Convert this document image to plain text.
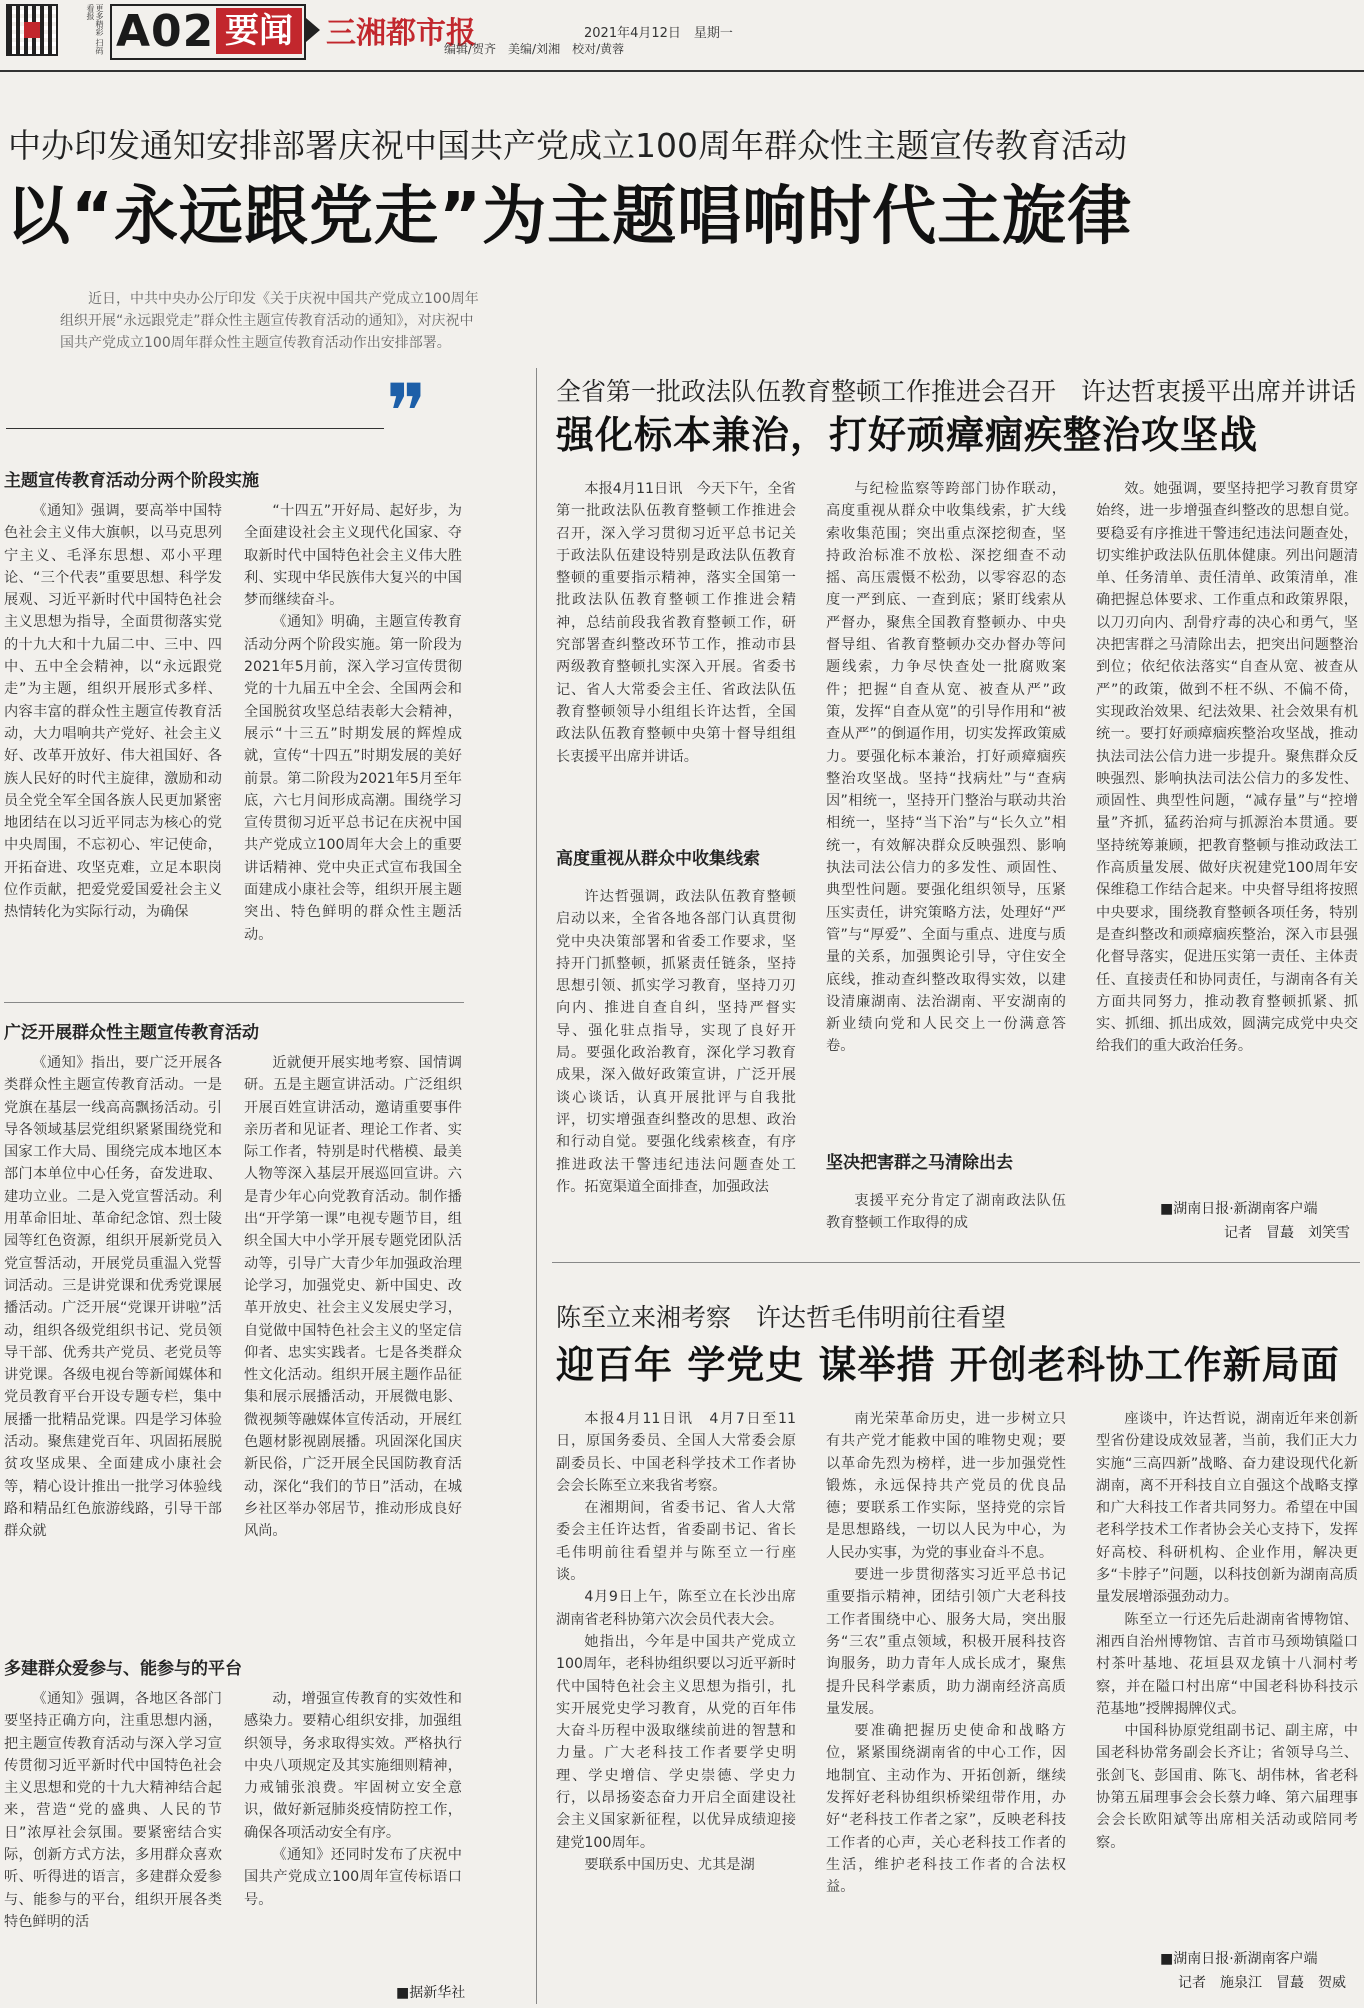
更多精彩 扫码看报 A02 要闻	三湘都市报	2021年4月12日　星期一
编辑/贺齐　美编/刘湘　校对/黄蓉
中办印发通知安排部署庆祝中国共产党成立100周年群众性主题宣传教育活动
以“永远跟党走”为主题唱响时代主旋律
近日，中共中央办公厅印发《关于庆祝中国共产党成立100周年组织开展“永远跟党走”群众性主题宣传教育活动的通知》，对庆祝中国共产党成立100周年群众性主题宣传教育活动作出安排部署。
❞
主题宣传教育活动分两个阶段实施

《通知》强调，要高举中国特色社会主义伟大旗帜，以马克思列宁主义、毛泽东思想、邓小平理论、“三个代表”重要思想、科学发展观、习近平新时代中国特色社会主义思想为指导，全面贯彻落实党的十九大和十九届二中、三中、四中、五中全会精神，以“永远跟党走”为主题，组织开展形式多样、内容丰富的群众性主题宣传教育活动，大力唱响共产党好、社会主义好、改革开放好、伟大祖国好、各族人民好的时代主旋律，激励和动员全党全军全国各族人民更加紧密地团结在以习近平同志为核心的党中央周围，不忘初心、牢记使命，开拓奋进、攻坚克难，立足本职岗位作贡献，把爱党爱国爱社会主义热情转化为实际行动，为确保

“十四五”开好局、起好步，为全面建设社会主义现代化国家、夺取新时代中国特色社会主义伟大胜利、实现中华民族伟大复兴的中国梦而继续奋斗。

《通知》明确，主题宣传教育活动分两个阶段实施。第一阶段为2021年5月前，深入学习宣传贯彻党的十九届五中全会、全国两会和全国脱贫攻坚总结表彰大会精神，展示“十三五”时期发展的辉煌成就，宣传“十四五”时期发展的美好前景。第二阶段为2021年5月至年底，六七月间形成高潮。围绕学习宣传贯彻习近平总书记在庆祝中国共产党成立100周年大会上的重要讲话精神、党中央正式宣布我国全面建成小康社会等，组织开展主题突出、特色鲜明的群众性主题活动。

广泛开展群众性主题宣传教育活动

《通知》指出，要广泛开展各类群众性主题宣传教育活动。一是党旗在基层一线高高飘扬活动。引导各领域基层党组织紧紧围绕党和国家工作大局、围绕完成本地区本部门本单位中心任务，奋发进取、建功立业。二是入党宣誓活动。利用革命旧址、革命纪念馆、烈士陵园等红色资源，组织开展新党员入党宣誓活动，开展党员重温入党誓词活动。三是讲党课和优秀党课展播活动。广泛开展“党课开讲啦”活动，组织各级党组织书记、党员领导干部、优秀共产党员、老党员等讲党课。各级电视台等新闻媒体和党员教育平台开设专题专栏，集中展播一批精品党课。四是学习体验活动。聚焦建党百年、巩固拓展脱贫攻坚成果、全面建成小康社会等，精心设计推出一批学习体验线路和精品红色旅游线路，引导干部群众就

近就便开展实地考察、国情调研。五是主题宣讲活动。广泛组织开展百姓宣讲活动，邀请重要事件亲历者和见证者、理论工作者、实际工作者，特别是时代楷模、最美人物等深入基层开展巡回宣讲。六是青少年心向党教育活动。制作播出“开学第一课”电视专题节目，组织全国大中小学开展专题党团队活动等，引导广大青少年加强政治理论学习，加强党史、新中国史、改革开放史、社会主义发展史学习，自觉做中国特色社会主义的坚定信仰者、忠实实践者。七是各类群众性文化活动。组织开展主题作品征集和展示展播活动，开展微电影、微视频等融媒体宣传活动，开展红色题材影视剧展播。巩固深化国庆新民俗，广泛开展全民国防教育活动，深化“我们的节日”活动，在城乡社区举办邻居节，推动形成良好风尚。

多建群众爱参与、能参与的平台

《通知》强调，各地区各部门要坚持正确方向，注重思想内涵，把主题宣传教育活动与深入学习宣传贯彻习近平新时代中国特色社会主义思想和党的十九大精神结合起来，营造“党的盛典、人民的节日”浓厚社会氛围。要紧密结合实际，创新方式方法，多用群众喜欢听、听得进的语言，多建群众爱参与、能参与的平台，组织开展各类特色鲜明的活

动，增强宣传教育的实效性和感染力。要精心组织安排，加强组织领导，务求取得实效。严格执行中央八项规定及其实施细则精神，力戒铺张浪费。牢固树立安全意识，做好新冠肺炎疫情防控工作，确保各项活动安全有序。

《通知》还同时发布了庆祝中国共产党成立100周年宣传标语口号。

■据新华社
全省第一批政法队伍教育整顿工作推进会召开　许达哲衷援平出席并讲话
强化标本兼治，打好顽瘴痼疾整治攻坚战

本报4月11日讯　今天下午，全省第一批政法队伍教育整顿工作推进会召开，深入学习贯彻习近平总书记关于政法队伍建设特别是政法队伍教育整顿的重要指示精神，落实全国第一批政法队伍教育整顿工作推进会精神，总结前段我省教育整顿工作，研究部署查纠整改环节工作，推动市县两级教育整顿扎实深入开展。省委书记、省人大常委会主任、省政法队伍教育整顿领导小组组长许达哲，全国政法队伍教育整顿中央第十督导组组长衷援平出席并讲话。

高度重视从群众中收集线索

许达哲强调，政法队伍教育整顿启动以来，全省各地各部门认真贯彻党中央决策部署和省委工作要求，坚持开门抓整顿，抓紧责任链条，坚持思想引领、抓实学习教育，坚持刀刃向内、推进自查自纠，坚持严督实导、强化驻点指导，实现了良好开局。要强化政治教育，深化学习教育成果，深入做好政策宣讲，广泛开展谈心谈话，认真开展批评与自我批评，切实增强查纠整改的思想、政治和行动自觉。要强化线索核查，有序推进政法干警违纪违法问题查处工作。拓宽渠道全面排查，加强政法

与纪检监察等跨部门协作联动，高度重视从群众中收集线索，扩大线索收集范围；突出重点深挖彻查，坚持政治标准不放松、深挖细查不动摇、高压震慑不松劲，以零容忍的态度一严到底、一查到底；紧盯线索从严督办，聚焦全国教育整顿办、中央督导组、省教育整顿办交办督办等问题线索，力争尽快查处一批腐败案件；把握“自查从宽、被查从严”政策，发挥“自查从宽”的引导作用和“被查从严”的倒逼作用，切实发挥政策威力。要强化标本兼治，打好顽瘴痼疾整治攻坚战。坚持“找病灶”与“查病因”相统一，坚持开门整治与联动共治相统一，坚持“当下治”与“长久立”相统一，有效解决群众反映强烈、影响执法司法公信力的多发性、顽固性、典型性问题。要强化组织领导，压紧压实责任，讲究策略方法，处理好“严管”与“厚爱”、全面与重点、进度与质量的关系，加强舆论引导，守住安全底线，推动查纠整改取得实效，以建设清廉湖南、法治湖南、平安湖南的新业绩向党和人民交上一份满意答卷。

坚决把害群之马清除出去

衷援平充分肯定了湖南政法队伍教育整顿工作取得的成

效。她强调，要坚持把学习教育贯穿始终，进一步增强查纠整改的思想自觉。要稳妥有序推进干警违纪违法问题查处，切实维护政法队伍肌体健康。列出问题清单、任务清单、责任清单、政策清单，准确把握总体要求、工作重点和政策界限，以刀刃向内、刮骨疗毒的决心和勇气，坚决把害群之马清除出去，把突出问题整治到位；依纪依法落实“自查从宽、被查从严”的政策，做到不枉不纵、不偏不倚，实现政治效果、纪法效果、社会效果有机统一。要打好顽瘴痼疾整治攻坚战，推动执法司法公信力进一步提升。聚焦群众反映强烈、影响执法司法公信力的多发性、顽固性、典型性问题，“减存量”与“控增量”齐抓，猛药治疴与抓源治本贯通。要坚持统筹兼顾，把教育整顿与推动政法工作高质量发展、做好庆祝建党100周年安保维稳工作结合起来。中央督导组将按照中央要求，围绕教育整顿各项任务，特别是查纠整改和顽瘴痼疾整治，深入市县强化督导落实，促进压实第一责任、主体责任、直接责任和协同责任，与湖南各有关方面共同努力，推动教育整顿抓紧、抓实、抓细、抓出成效，圆满完成党中央交给我们的重大政治任务。

■湖南日报·新湖南客户端
记者　冒蕞　刘笑雪
陈至立来湘考察　许达哲毛伟明前往看望
迎百年 学党史 谋举措 开创老科协工作新局面

本报4月11日讯　4月7日至11日，原国务委员、全国人大常委会原副委员长、中国老科学技术工作者协会会长陈至立来我省考察。

在湘期间，省委书记、省人大常委会主任许达哲，省委副书记、省长毛伟明前往看望并与陈至立一行座谈。

4月9日上午，陈至立在长沙出席湖南省老科协第六次会员代表大会。

她指出，今年是中国共产党成立100周年，老科协组织要以习近平新时代中国特色社会主义思想为指引，扎实开展党史学习教育，从党的百年伟大奋斗历程中汲取继续前进的智慧和力量。广大老科技工作者要学史明理、学史增信、学史崇德、学史力行，以昂扬姿态奋力开启全面建设社会主义国家新征程，以优异成绩迎接建党100周年。

要联系中国历史、尤其是湖

南光荣革命历史，进一步树立只有共产党才能救中国的唯物史观；要以革命先烈为榜样，进一步加强党性锻炼，永远保持共产党员的优良品德；要联系工作实际，坚持党的宗旨是思想路线，一切以人民为中心，为人民办实事，为党的事业奋斗不息。

要进一步贯彻落实习近平总书记重要指示精神，团结引领广大老科技工作者围绕中心、服务大局，突出服务“三农”重点领域，积极开展科技咨询服务，助力青年人成长成才，聚焦提升民科学素质，助力湖南经济高质量发展。

要准确把握历史使命和战略方位，紧紧围绕湖南省的中心工作，因地制宜、主动作为、开拓创新，继续发挥好老科协组织桥梁纽带作用，办好“老科技工作者之家”，反映老科技工作者的心声，关心老科技工作者的生活，维护老科技工作者的合法权益。

座谈中，许达哲说，湖南近年来创新型省份建设成效显著，当前，我们正大力实施“三高四新”战略、奋力建设现代化新湖南，离不开科技自立自强这个战略支撑和广大科技工作者共同努力。希望在中国老科学技术工作者协会关心支持下，发挥好高校、科研机构、企业作用，解决更多“卡脖子”问题，以科技创新为湖南高质量发展增添强劲动力。

陈至立一行还先后赴湖南省博物馆、湘西自治州博物馆、吉首市马颈坳镇隘口村茶叶基地、花垣县双龙镇十八洞村考察，并在隘口村出席“中国老科协科技示范基地”授牌揭牌仪式。

中国科协原党组副书记、副主席，中国老科协常务副会长齐让；省领导乌兰、张剑飞、彭国甫、陈飞、胡伟林，省老科协第五届理事会会长蔡力峰、第六届理事会会长欧阳斌等出席相关活动或陪同考察。

■湖南日报·新湖南客户端
记者　施泉江　冒蕞　贺威
